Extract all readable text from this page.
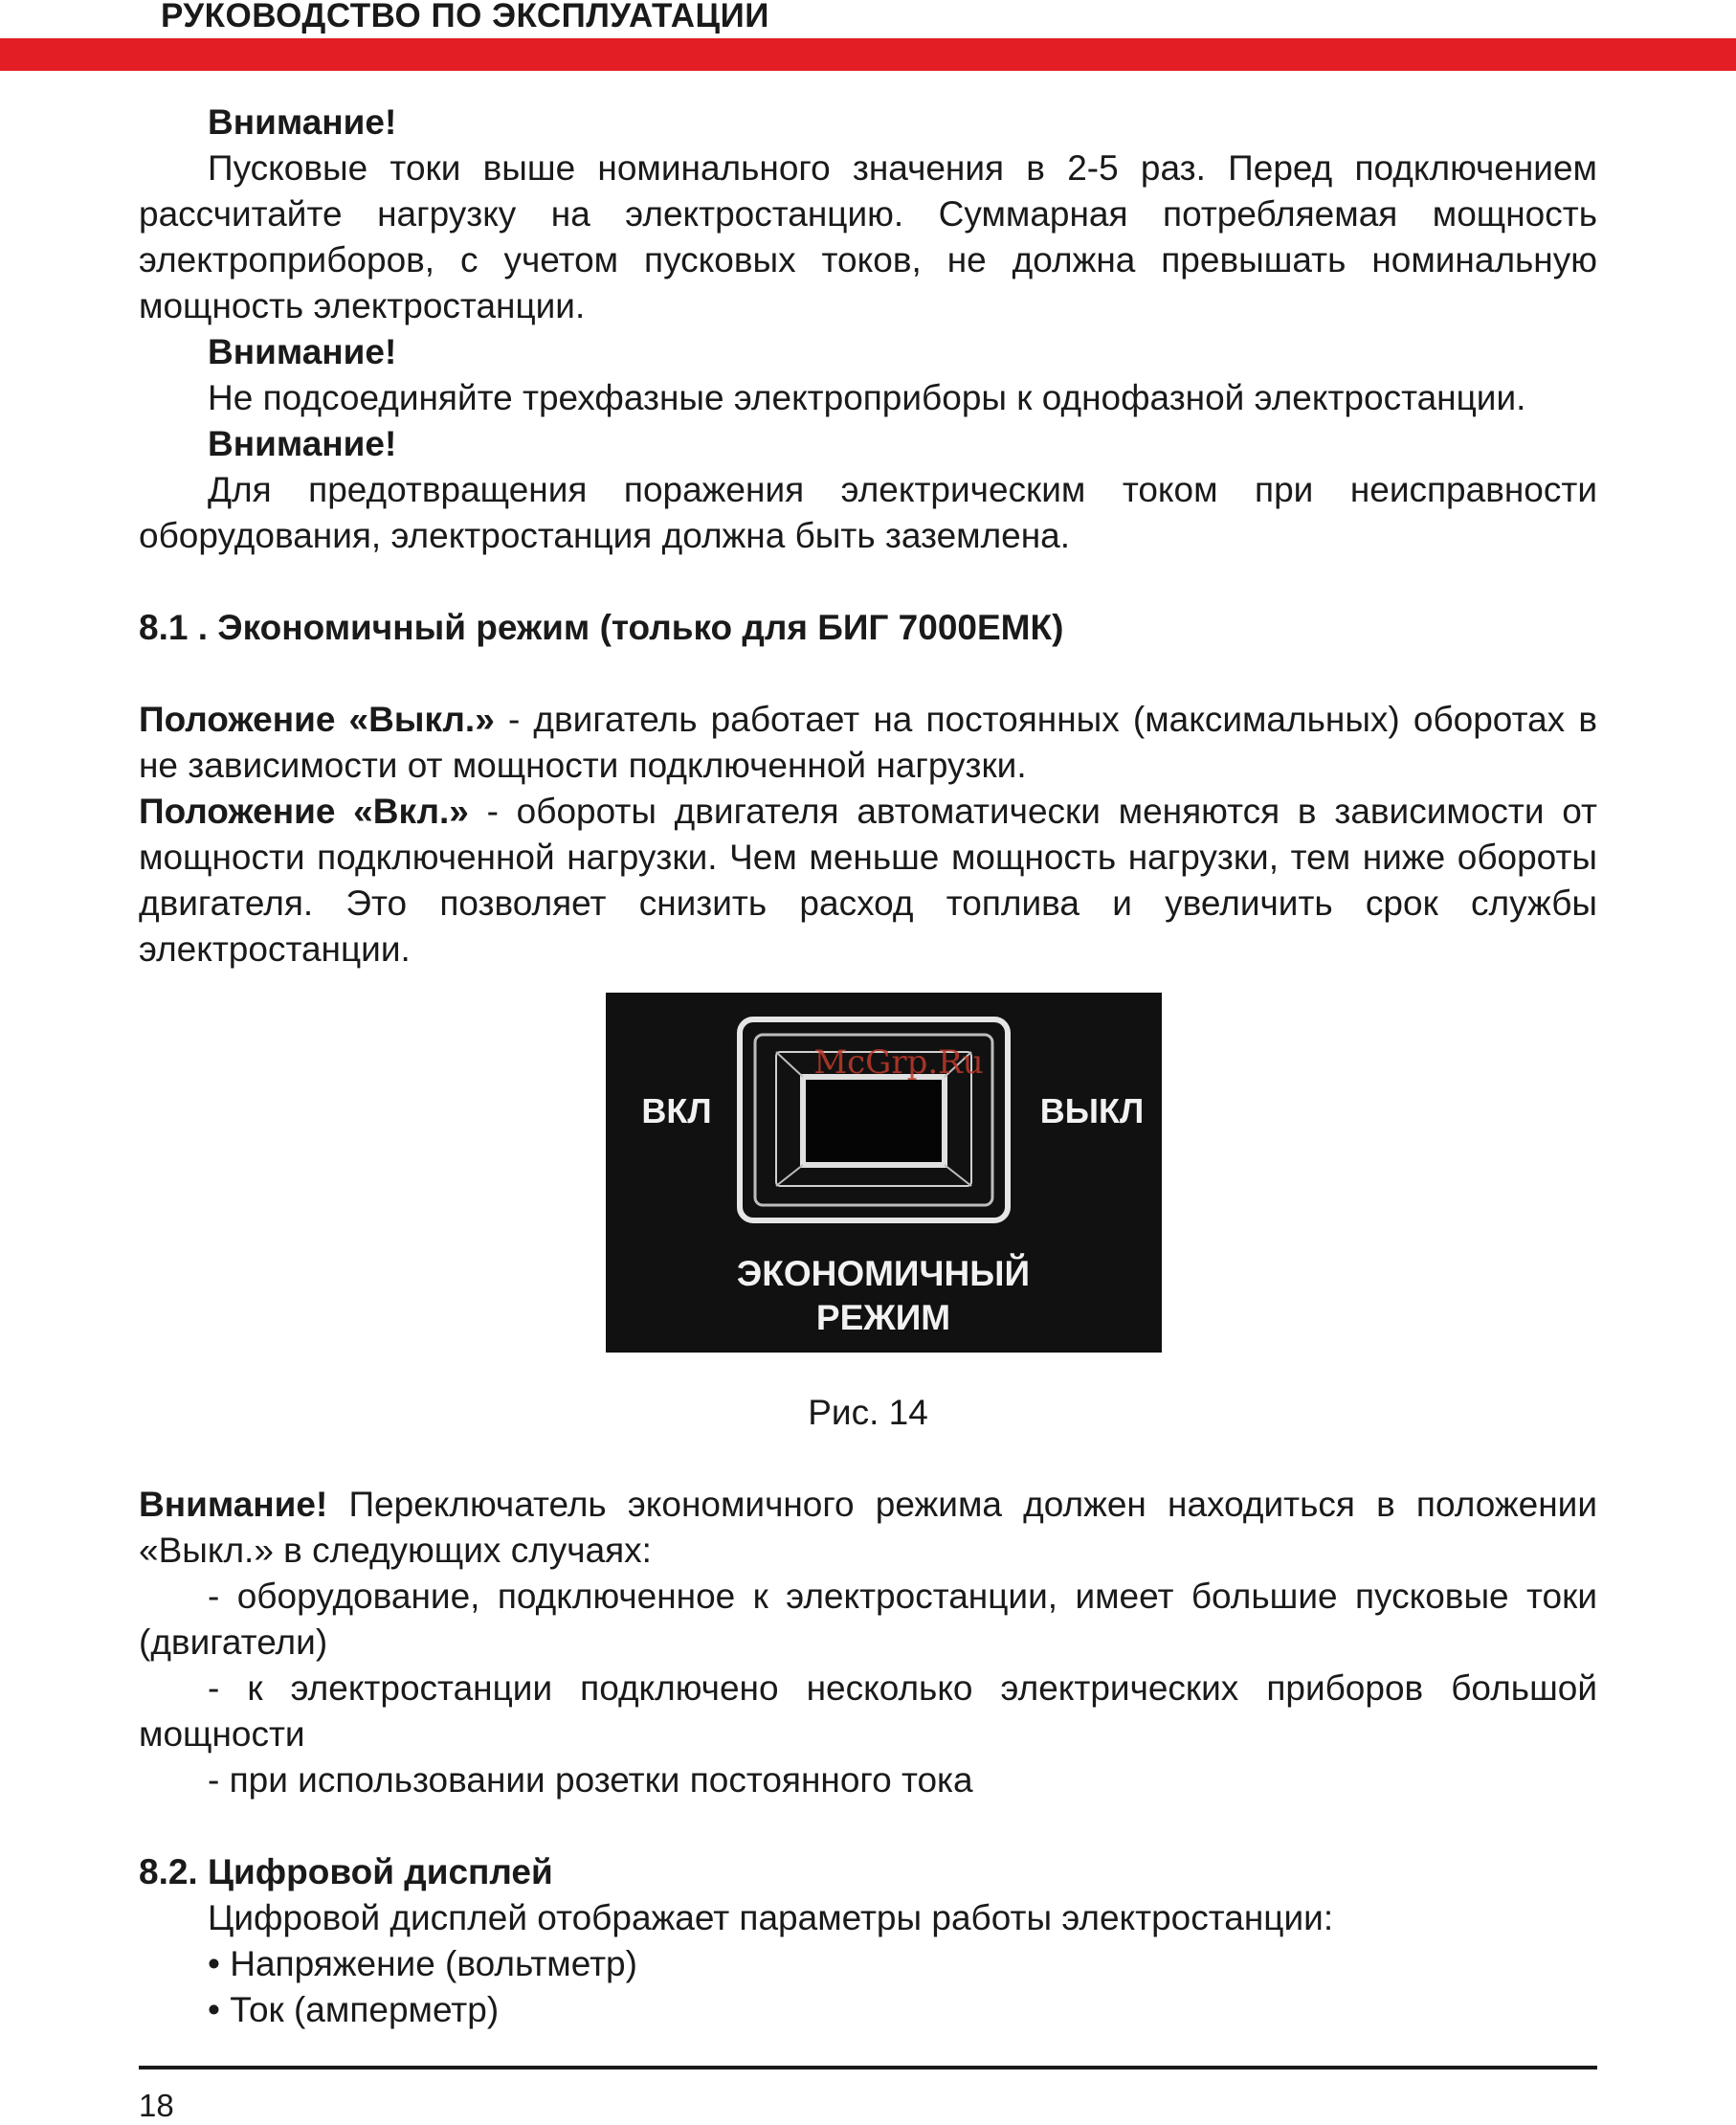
РУКОВОДСТВО ПО ЭКСПЛУАТАЦИИ

Внимание!

Пусковые токи выше номинального значения в 2-5 раз. Перед подключением рассчитайте нагрузку на электростанцию. Суммарная потребляемая мощность электроприборов, с учетом пусковых токов, не должна превышать номинальную мощность электростанции.

Внимание!

Не подсоединяйте трехфазные электроприборы к однофазной электростанции.

Внимание!

Для предотвращения поражения электрическим током при неисправности оборудования, электростанция должна быть заземлена.

8.1 . Экономичный режим (только для БИГ 7000ЕМК)

Положение «Выкл.» - двигатель работает на постоянных (максимальных) оборотах в не зависимости от мощности подключенной нагрузки.

Положение «Вкл.» - обороты двигателя автоматически меняются в зависимости от мощности подключенной нагрузки. Чем меньше мощность нагрузки, тем ниже обороты двигателя. Это позволяет снизить расход топлива и увеличить срок службы электростанции.

ВКЛ	ВЫКЛ
ЭКОНОМИЧНЫЙ
РЕЖИМ
McGrp.Ru
Рис. 14

Внимание! Переключатель экономичного режима должен находиться в положении «Выкл.» в следующих случаях:

- оборудование, подключенное к электростанции, имеет большие пусковые токи (двигатели)

- к электростанции подключено несколько электрических приборов большой мощности

- при использовании розетки постоянного тока

8.2. Цифровой дисплей

Цифровой дисплей отображает параметры работы электростанции:

• Напряжение (вольтметр)

• Ток (амперметр)

18
